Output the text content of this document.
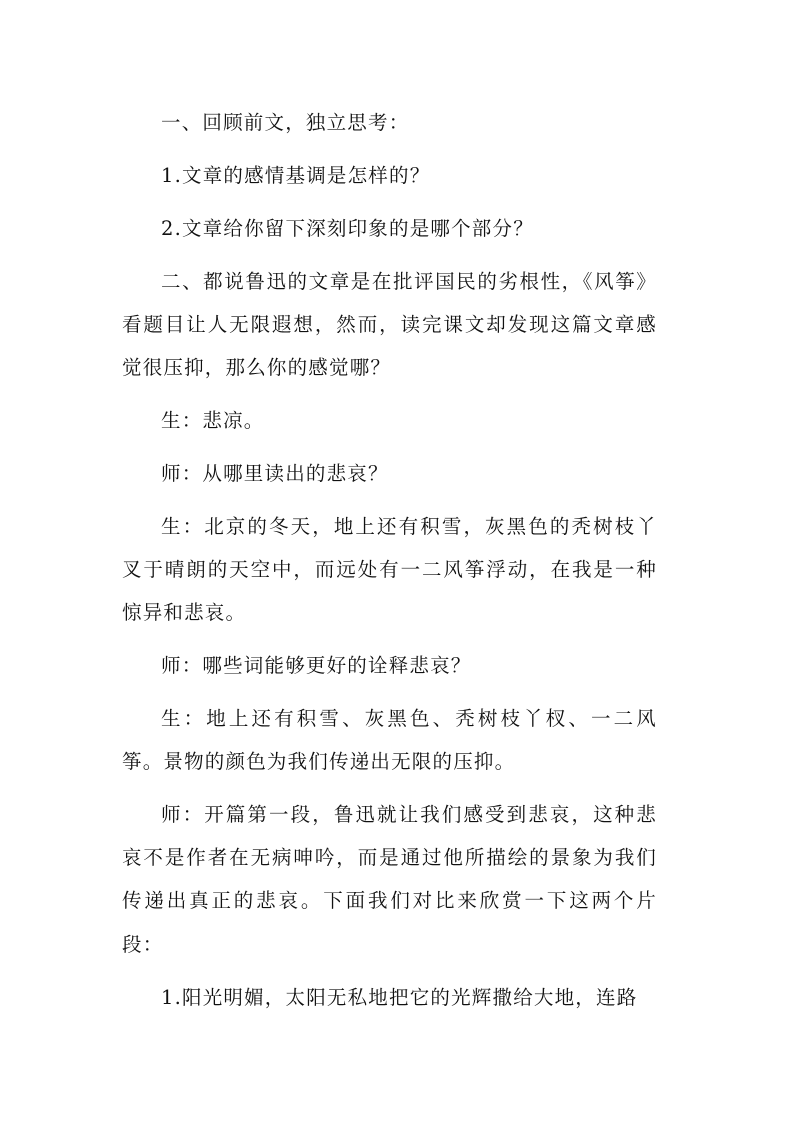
一、回顾前文，独立思考：

1.文章的感情基调是怎样的？

2.文章给你留下深刻印象的是哪个部分？

二、都说鲁迅的文章是在批评国民的劣根性，《风筝》看题目让人无限遐想，然而，读完课文却发现这篇文章感觉很压抑，那么你的感觉哪？

生：悲凉。

师：从哪里读出的悲哀？

生：北京的冬天，地上还有积雪，灰黑色的秃树枝丫叉于晴朗的天空中，而远处有一二风筝浮动，在我是一种惊异和悲哀。

师：哪些词能够更好的诠释悲哀？

生：地上还有积雪、灰黑色、秃树枝丫杈、一二风筝。景物的颜色为我们传递出无限的压抑。

师：开篇第一段，鲁迅就让我们感受到悲哀，这种悲哀不是作者在无病呻吟，而是通过他所描绘的景象为我们传递出真正的悲哀。下面我们对比来欣赏一下这两个片段：

1.阳光明媚，太阳无私地把它的光辉撒给大地，连路
